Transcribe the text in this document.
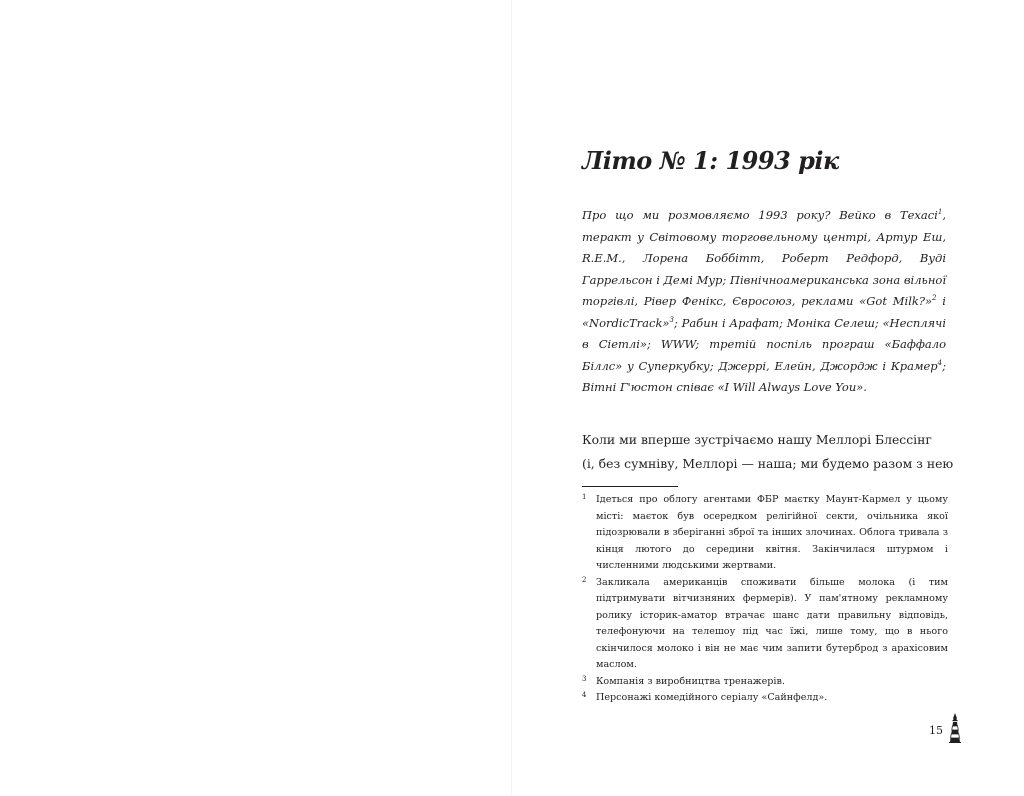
Літо № 1: 1993 рік

Про що ми розмовляємо 1993 року? Вейко в Техасі$^1$, теракт у Світовому торговельному центрі, Артур Еш, R.E.M., Лорена Боббітт, Роберт Редфорд, Вуді Гаррельсон і Демі Мур; Північноамериканська зона вільної торгівлі, Рівер Фенікс, Євросоюз, реклами «Got Milk?»$^2$ і «NordicTrack»$^3$; Рабин і Арафат; Моніка Селеш; «Несплячі в Сіетлі»; WWW; третій поспіль програш «Баффало Біллс» у Суперкубку; Джеррі, Елейн, Джордж і Крамер$^4$; Вітні Г'юстон співає «I Will Always Love You».

Коли ми вперше зустрічаємо нашу Меллорі Блессінг
(і, без сумніву, Меллорі — наша; ми будемо разом з нею

1 Ідеться про облогу агентами ФБР маєтку Маунт-Кармел у цьому місті: маєток був осередком релігійної секти, очільника якої підозрювали в зберіганні зброї та інших злочинах. Облога тривала з кінця лютого до середини квітня. Закінчилася штурмом і численними людськими жертвами.
2 Закликала американців споживати більше молока (і тим підтримувати вітчизняних фермерів). У пам'ятному рекламному ролику історик-аматор втрачає шанс дати правильну відповідь, телефонуючи на телешоу під час їжі, лише тому, що в нього скінчилося молоко і він не має чим запити бутерброд з арахісовим маслом.
3 Компанія з виробництва тренажерів.
4 Персонажі комедійного серіалу «Сайнфелд».
15
